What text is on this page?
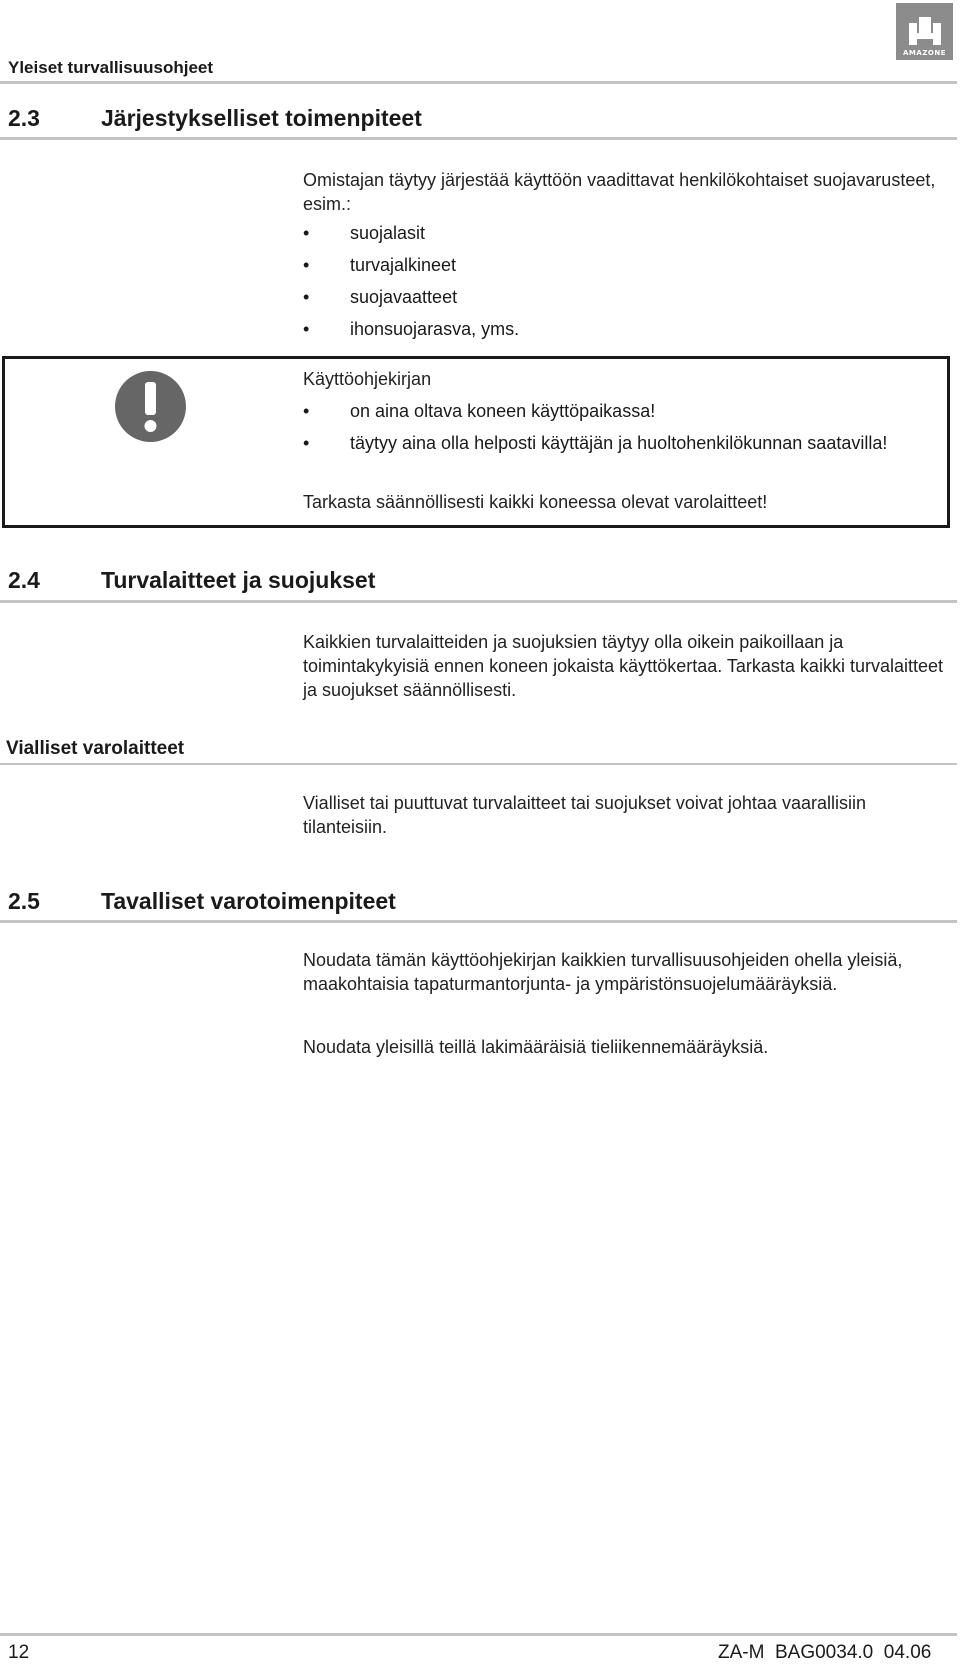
Yleiset turvallisuusohjeet
AMAZONE
2.3	Järjestykselliset toimenpiteet
Omistajan täytyy järjestää käyttöön vaadittavat henkilökohtaiset suojavarusteet, esim.:
• suojalasit
• turvajalkineet
• suojavaatteet
• ihonsuojarasva, yms.
Käyttöohjekirjan
• on aina oltava koneen käyttöpaikassa!
• täytyy aina olla helposti käyttäjän ja huoltohenkilökunnan saatavilla!
Tarkasta säännöllisesti kaikki koneessa olevat varolaitteet!
2.4	Turvalaitteet ja suojukset
Kaikkien turvalaitteiden ja suojuksien täytyy olla oikein paikoillaan ja toimintakykyisiä ennen koneen jokaista käyttökertaa. Tarkasta kaikki turvalaitteet ja suojukset säännöllisesti.
Vialliset varolaitteet
Vialliset tai puuttuvat turvalaitteet tai suojukset voivat johtaa vaarallisiin tilanteisiin.
2.5	Tavalliset varotoimenpiteet
Noudata tämän käyttöohjekirjan kaikkien turvallisuusohjeiden ohella yleisiä, maakohtaisia tapaturmantorjunta- ja ympäristönsuojelumääräyksiä.
Noudata yleisillä teillä lakimääräisiä tieliikennemääräyksiä.
12	ZA-M  BAG0034.0  04.06
